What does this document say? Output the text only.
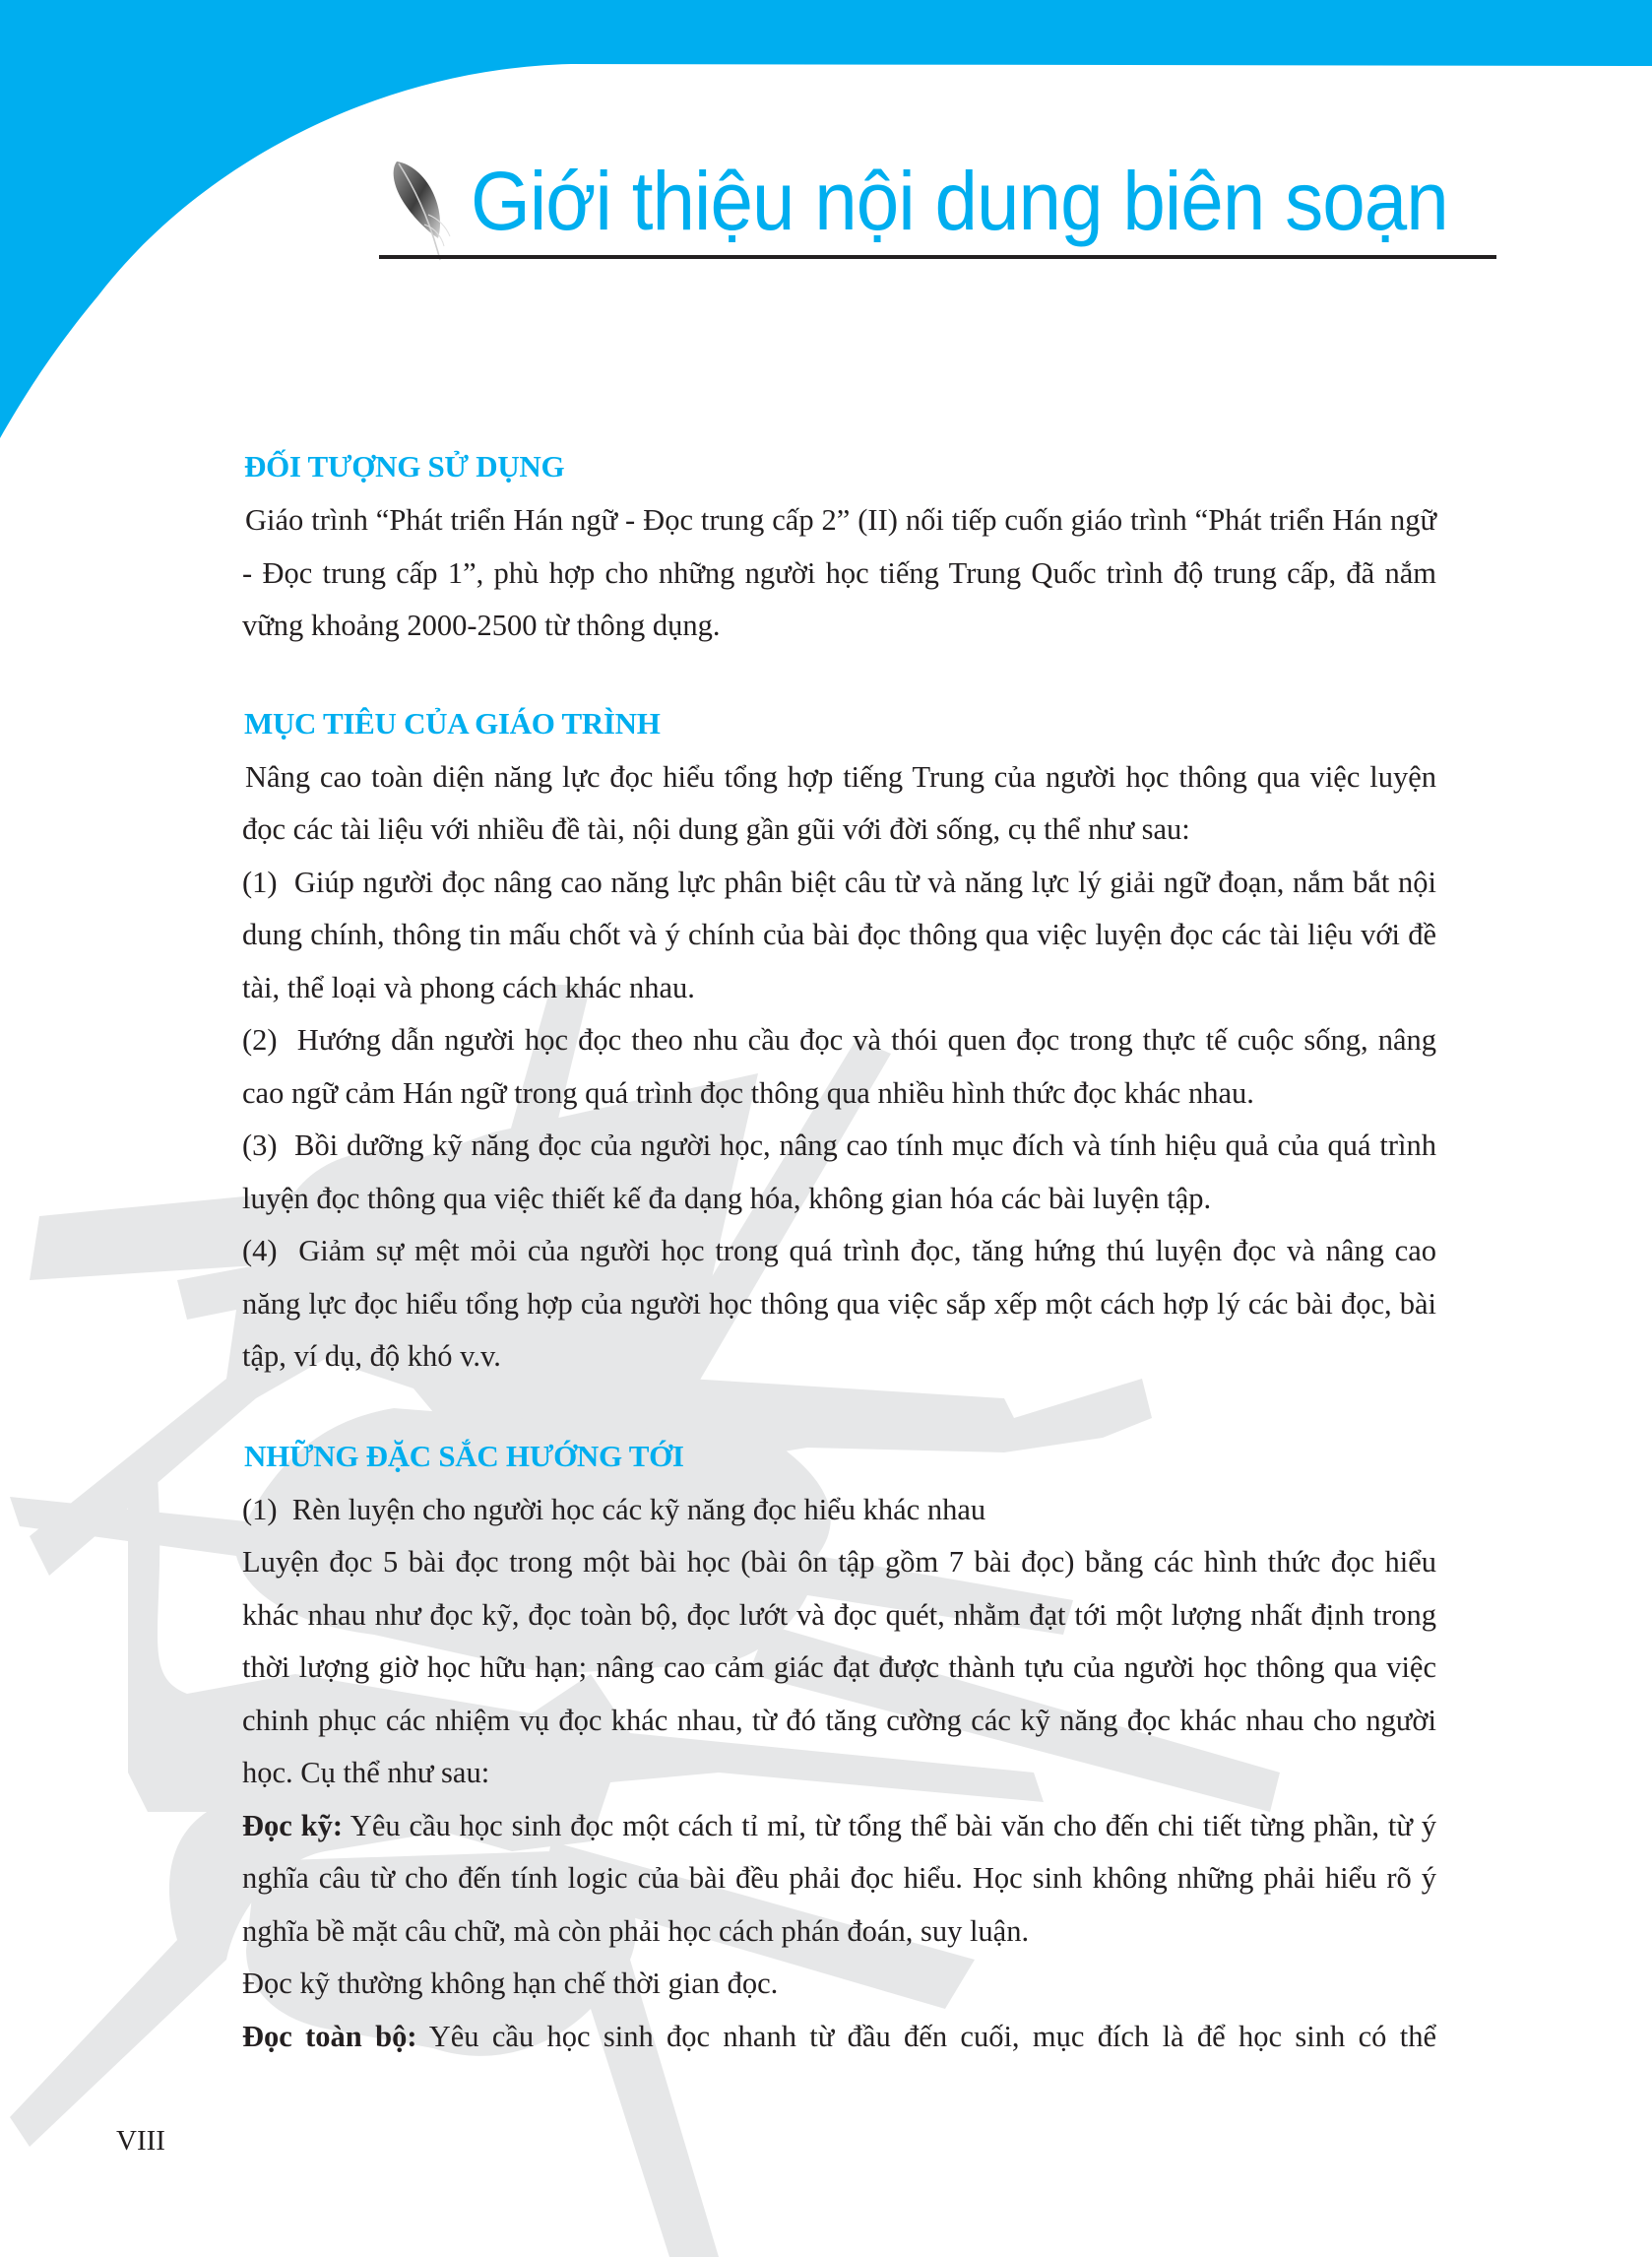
Giới thiệu nội dung biên soạn
ĐỐI TƯỢNG SỬ DỤNG

Giáo trình “Phát triển Hán ngữ - Đọc trung cấp 2” (II) nối tiếp cuốn giáo trình “Phát triển Hán ngữ - Đọc trung cấp 1”, phù hợp cho những người học tiếng Trung Quốc trình độ trung cấp, đã nắm vững khoảng 2000-2500 từ thông dụng.

MỤC TIÊU CỦA GIÁO TRÌNH

Nâng cao toàn diện năng lực đọc hiểu tổng hợp tiếng Trung của người học thông qua việc luyện đọc các tài liệu với nhiều đề tài, nội dung gần gũi với đời sống, cụ thể như sau:

(1) Giúp người đọc nâng cao năng lực phân biệt câu từ và năng lực lý giải ngữ đoạn, nắm bắt nội dung chính, thông tin mấu chốt và ý chính của bài đọc thông qua việc luyện đọc các tài liệu với đề tài, thể loại và phong cách khác nhau.

(2) Hướng dẫn người học đọc theo nhu cầu đọc và thói quen đọc trong thực tế cuộc sống, nâng cao ngữ cảm Hán ngữ trong quá trình đọc thông qua nhiều hình thức đọc khác nhau.

(3) Bồi dưỡng kỹ năng đọc của người học, nâng cao tính mục đích và tính hiệu quả của quá trình luyện đọc thông qua việc thiết kế đa dạng hóa, không gian hóa các bài luyện tập.

(4) Giảm sự mệt mỏi của người học trong quá trình đọc, tăng hứng thú luyện đọc và nâng cao năng lực đọc hiểu tổng hợp của người học thông qua việc sắp xếp một cách hợp lý các bài đọc, bài tập, ví dụ, độ khó v.v.

NHỮNG ĐẶC SẮC HƯỚNG TỚI

(1) Rèn luyện cho người học các kỹ năng đọc hiểu khác nhau

Luyện đọc 5 bài đọc trong một bài học (bài ôn tập gồm 7 bài đọc) bằng các hình thức đọc hiểu khác nhau như đọc kỹ, đọc toàn bộ, đọc lướt và đọc quét, nhằm đạt tới một lượng nhất định trong thời lượng giờ học hữu hạn; nâng cao cảm giác đạt được thành tựu của người học thông qua việc chinh phục các nhiệm vụ đọc khác nhau, từ đó tăng cường các kỹ năng đọc khác nhau cho người học. Cụ thể như sau:

Đọc kỹ: Yêu cầu học sinh đọc một cách tỉ mỉ, từ tổng thể bài văn cho đến chi tiết từng phần, từ ý nghĩa câu từ cho đến tính logic của bài đều phải đọc hiểu. Học sinh không những phải hiểu rõ ý nghĩa bề mặt câu chữ, mà còn phải học cách phán đoán, suy luận.

Đọc kỹ thường không hạn chế thời gian đọc.

Đọc toàn bộ: Yêu cầu học sinh đọc nhanh từ đầu đến cuối, mục đích là để học sinh có thể

VIII
